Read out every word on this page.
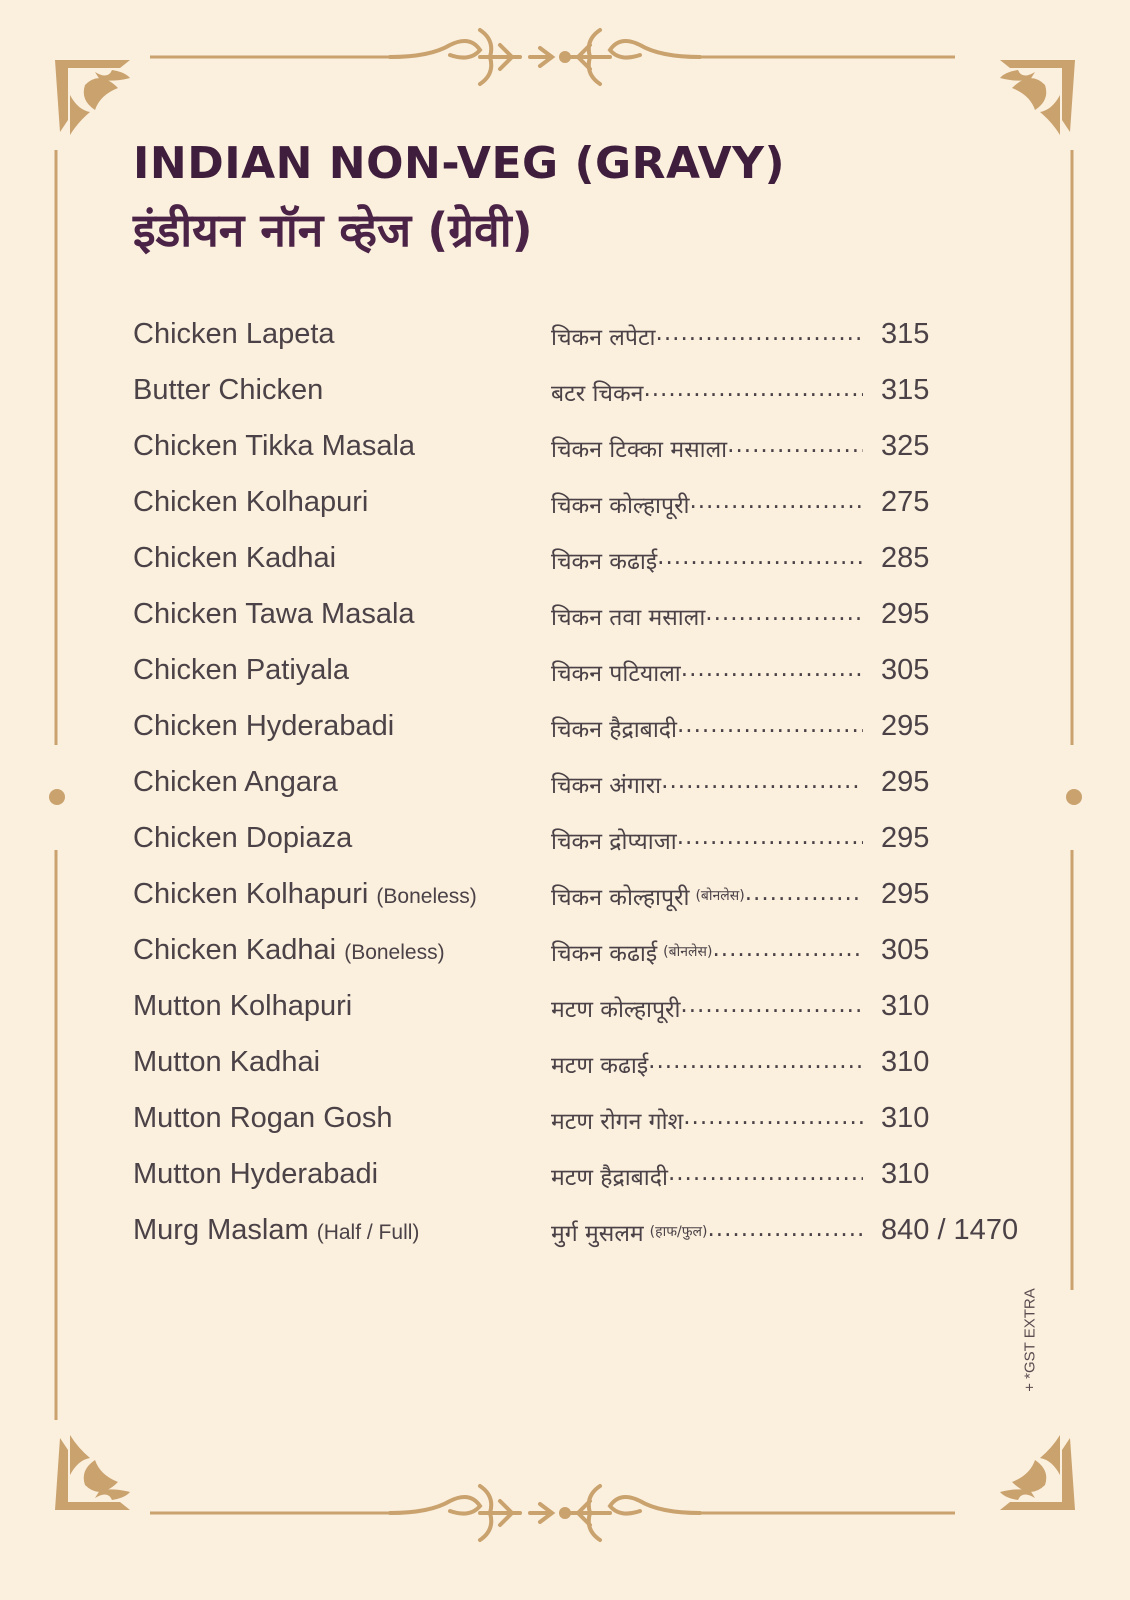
INDIAN NON-VEG (GRAVY)
इंडीयन नॉन व्हेज (ग्रेवी)
Chicken Lapeta	चिकन लपेटा .....	315
Butter Chicken	बटर चिकन .....	315
Chicken Tikka Masala	चिकन टिक्का मसाला .....	325
Chicken Kolhapuri	चिकन कोल्हापूरी .....	275
Chicken Kadhai	चिकन कढाई .....	285
Chicken Tawa Masala	चिकन तवा मसाला .....	295
Chicken Patiyala	चिकन पटियाला .....	305
Chicken Hyderabadi	चिकन हैद्राबादी .....	295
Chicken Angara	चिकन अंगारा .....	295
Chicken Dopiaza	चिकन द्रोप्याजा .....	295
Chicken Kolhapuri (Boneless)	चिकन कोल्हापूरी (बोनलेस) .....	295
Chicken Kadhai (Boneless)	चिकन कढाई (बोनलेस) .....	305
Mutton Kolhapuri	मटण कोल्हापूरी .....	310
Mutton Kadhai	मटण कढाई .....	310
Mutton Rogan Gosh	मटण रोगन गोश .....	310
Mutton Hyderabadi	मटण हैद्राबादी .....	310
Murg Maslam (Half / Full)	मुर्ग मुसलम (हाफ/फुल) .....	840 / 1470
+ *GST EXTRA
